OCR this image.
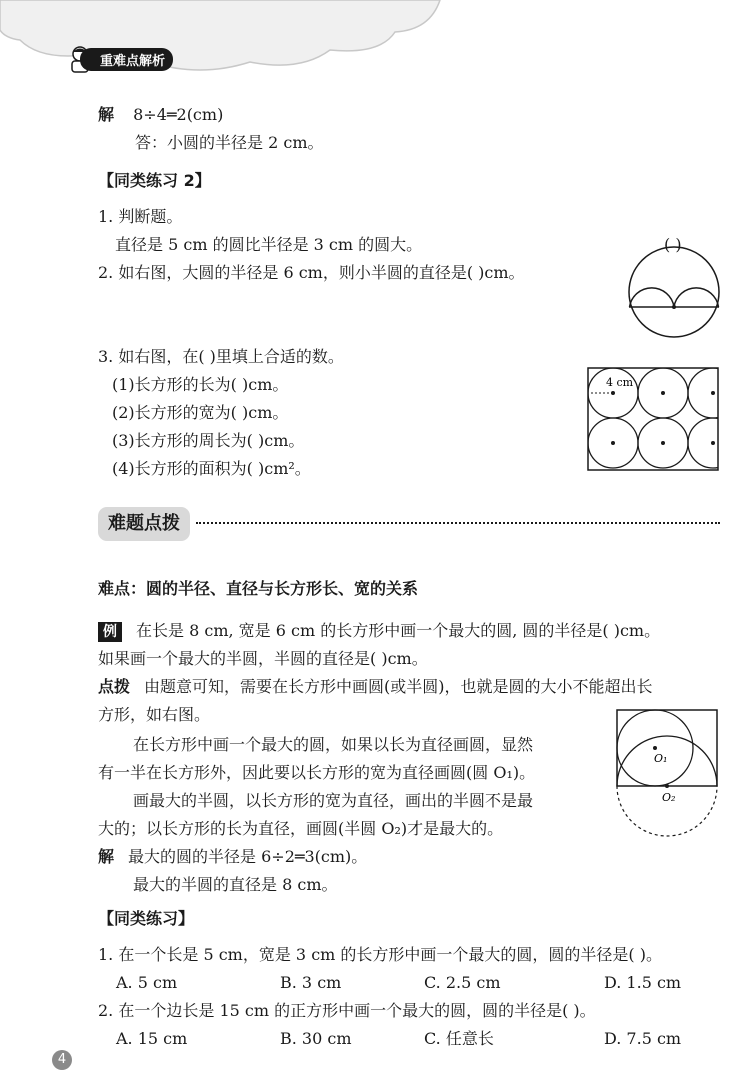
重难点解析
解 8÷4═2(cm)
答：小圆的半径是 2 cm。
【同类练习 2】
1. 判断题。
直径是 5 cm 的圆比半径是 3 cm 的圆大。	( )
2. 如右图，大圆的半径是 6 cm，则小半圆的直径是( )cm。
3. 如右图，在( )里填上合适的数。
(1)长方形的长为( )cm。
(2)长方形的宽为( )cm。
(3)长方形的周长为( )cm。
(4)长方形的面积为( )cm²。
4 cm
难题点拨
难点：圆的半径、直径与长方形长、宽的关系
例 在长是 8 cm, 宽是 6 cm 的长方形中画一个最大的圆, 圆的半径是( )cm。
如果画一个最大的半圆，半圆的直径是( )cm。
点拨 由题意可知，需要在长方形中画圆(或半圆)，也就是圆的大小不能超出长
方形，如右图。
在长方形中画一个最大的圆，如果以长为直径画圆，显然
有一半在长方形外，因此要以长方形的宽为直径画圆(圆 O₁)。
画最大的半圆，以长方形的宽为直径，画出的半圆不是最
大的；以长方形的长为直径，画圆(半圆 O₂)才是最大的。
解 最大的圆的半径是 6÷2═3(cm)。
最大的半圆的直径是 8 cm。
O₁
O₂
【同类练习】
1. 在一个长是 5 cm，宽是 3 cm 的长方形中画一个最大的圆，圆的半径是( )。
A. 5 cm	B. 3 cm	C. 2.5 cm	D. 1.5 cm
2. 在一个边长是 15 cm 的正方形中画一个最大的圆，圆的半径是( )。
A. 15 cm	B. 30 cm	C. 任意长	D. 7.5 cm
4
